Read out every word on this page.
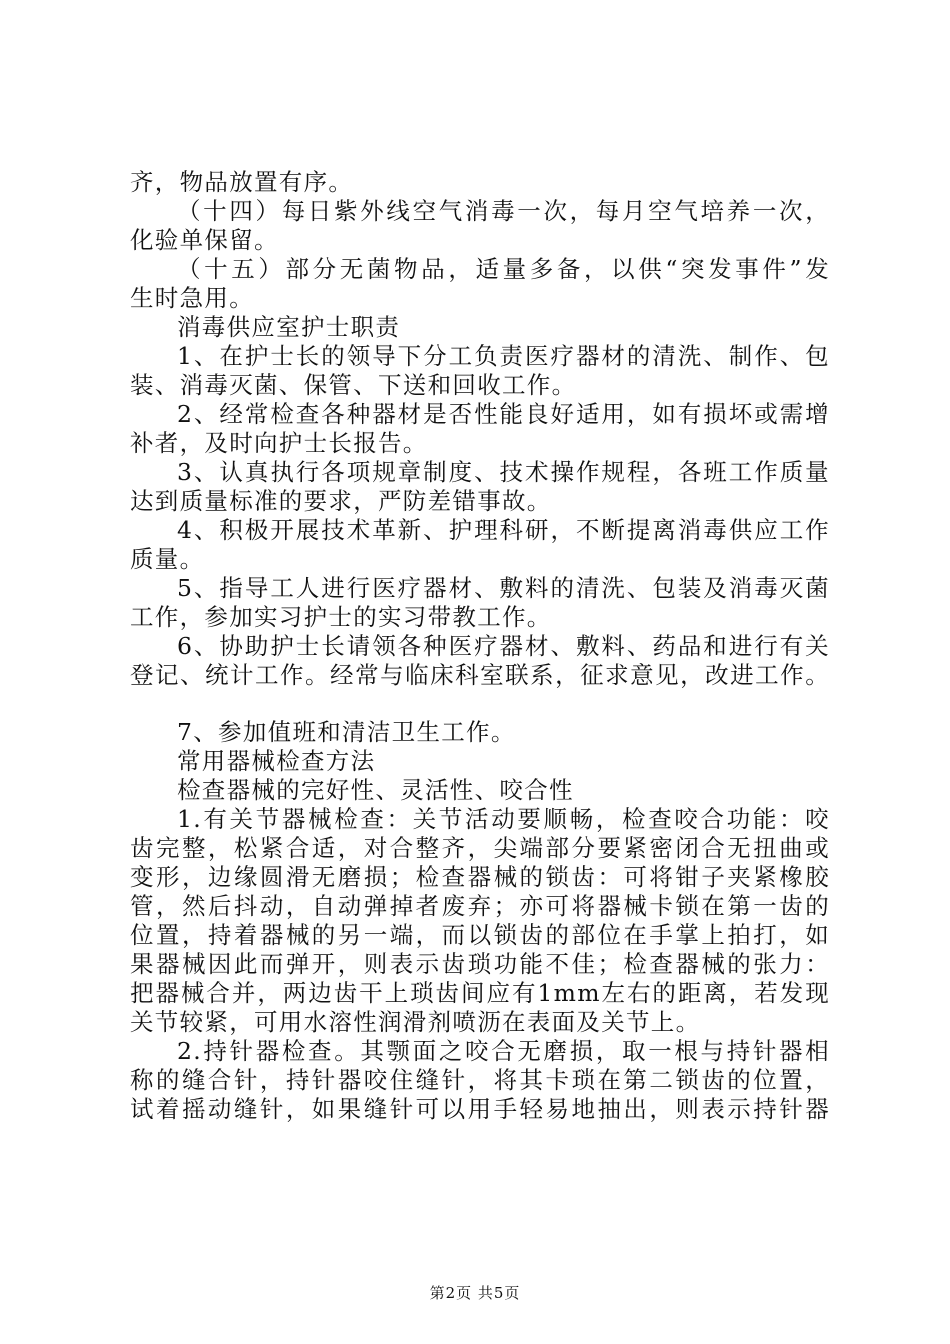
齐，物品放置有序。
（十四）每日紫外线空气消毒一次，每月空气培养一次，
化验单保留。
（十五）部分无菌物品，适量多备，以供“突发事件”发
生时急用。
消毒供应室护士职责
1、在护士长的领导下分工负责医疗器材的清洗、制作、包
装、消毒灭菌、保管、下送和回收工作。
2、经常检查各种器材是否性能良好适用，如有损坏或需增
补者，及时向护士长报告。
3、认真执行各项规章制度、技术操作规程，各班工作质量
达到质量标准的要求，严防差错事故。
4、积极开展技术革新、护理科研，不断提离消毒供应工作
质量。
5、指导工人进行医疗器材、敷料的清洗、包装及消毒灭菌
工作，参加实习护士的实习带教工作。
6、协助护士长请领各种医疗器材、敷料、药品和进行有关
登记、统计工作。经常与临床科室联系，征求意见，改进工作。
7、参加值班和清洁卫生工作。
常用器械检查方法
检查器械的完好性、灵活性、咬合性
1.有关节器械检查：关节活动要顺畅，检查咬合功能：咬
齿完整，松紧合适，对合整齐，尖端部分要紧密闭合无扭曲或
变形，边缘圆滑无磨损；检查器械的锁齿：可将钳子夹紧橡胶
管，然后抖动，自动弹掉者废弃；亦可将器械卡锁在第一齿的
位置，持着器械的另一端，而以锁齿的部位在手掌上拍打，如
果器械因此而弹开，则表示齿琐功能不佳；检查器械的张力：
把器械合并，两边齿干上琐齿间应有1mm左右的距离，若发现
关节较紧，可用水溶性润滑剂喷沥在表面及关节上。
2.持针器检查。其颚面之咬合无磨损，取一根与持针器相
称的缝合针，持针器咬住缝针，将其卡琐在第二锁齿的位置，
试着摇动缝针，如果缝针可以用手轻易地抽出，则表示持针器
第2页 共5页
